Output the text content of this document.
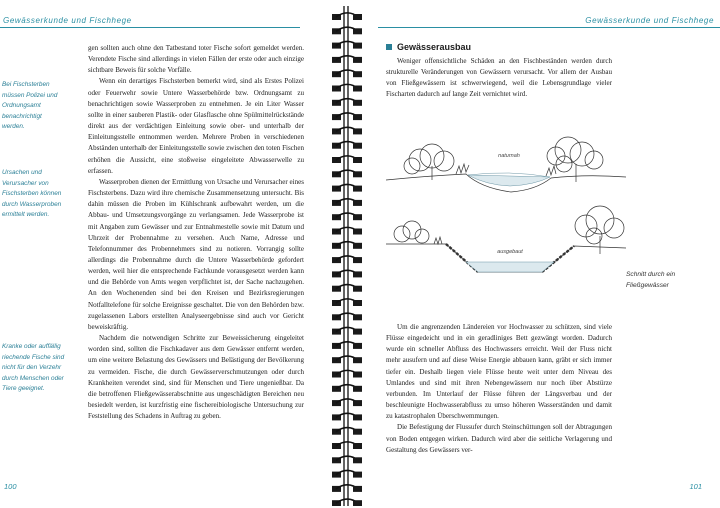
Gewässerkunde und Fischhege
Bei Fischsterben
müssen Polizei und
Ordnungsamt
benachrichtigt
werden.
Ursachen und
Verursacher von
Fischsterben können
durch Wasserproben
ermittelt werden.
Kranke oder auffällig
riechende Fische sind
nicht für den Verzehr
durch Menschen oder
Tiere geeignet.

gen sollten auch ohne den Tatbestand toter Fische sofort gemeldet werden. Verendete Fische sind allerdings in vielen Fällen der erste oder auch einzige sichtbare Beweis für solche Vorfälle.

Wenn ein derartiges Fischsterben bemerkt wird, sind als Erstes Polizei oder Feuerwehr sowie Untere Wasserbehörde bzw. Ordnungsamt zu benachrichtigen sowie Wasserproben zu entnehmen. Je ein Liter Wasser sollte in einer sauberen Plastik- oder Glasflasche ohne Spülmittelrückstände direkt aus der verdächtigen Einleitung sowie ober- und unterhalb der Einleitungsstelle entnommen werden. Mehrere Proben in verschiedenen Abständen unterhalb der Einleitungsstelle sowie zwischen den toten Fischen erhöhen die Aussicht, eine stoßweise eingeleitete Abwasserwelle zu erfassen.

Wasserproben dienen der Ermittlung von Ursache und Verursacher eines Fischsterbens. Dazu wird ihre chemische Zusammensetzung untersucht. Bis dahin müssen die Proben im Kühlschrank aufbewahrt werden, um die Abbau- und Umsetzungsvorgänge zu verlangsamen. Jede Wasserprobe ist mit Angaben zum Gewässer und zur Entnahmestelle sowie mit Datum und Uhrzeit der Probennahme zu versehen. Auch Name, Adresse und Telefonnummer des Probennehmers sind zu notieren. Vorrangig sollte allerdings die Probennahme durch die Untere Wasserbehörde gefordert werden, weil hier die entsprechende Fachkunde vorausgesetzt werden kann und die Behörde von Amts wegen verpflichtet ist, der Sache nachzugehen. An den Wochenenden sind bei den Kreisen und Bezirksregierungen Notfalltelefone für solche Ereignisse geschaltet. Die von den Behörden bzw. zugelassenen Labors erstellten Analyseergebnisse sind auch vor Gericht beweiskräftig.

Nachdem die notwendigen Schritte zur Beweissicherung eingeleitet worden sind, sollten die Fischkadaver aus dem Gewässer entfernt werden, um eine weitere Belastung des Gewässers und Belästigung der Bevölkerung zu vermeiden. Fische, die durch Gewässerverschmutzungen oder durch Krankheiten verendet sind, sind für Menschen und Tiere ungenießbar. Da die betroffenen Fließgewässerabschnitte aus ungeschädigten Bereichen neu besiedelt werden, ist kurzfristig eine fischereibiologische Untersuchung zur Feststellung des Schadens in Auftrag zu geben.

100
Gewässerkunde und Fischhege
Gewässerausbau

Weniger offensichtliche Schäden an den Fischbeständen werden durch strukturelle Veränderungen von Gewässern verursacht. Vor allem der Ausbau von Fließgewässern ist schwerwiegend, weil die Lebensgrundlage vieler Fischarten dadurch auf lange Zeit vernichtet wird.

naturnah
ausgebaut
Schnitt durch ein
Fließgewässer

Um die angrenzenden Ländereien vor Hochwasser zu schützen, sind viele Flüsse eingedeicht und in ein geradliniges Bett gezwängt worden. Dadurch wurde ein schneller Abfluss des Hochwassers erreicht. Weil der Fluss nicht mehr ausufern und auf diese Weise Energie abbauen kann, gräbt er sich immer tiefer ein. Deshalb liegen viele Flüsse heute weit unter dem Niveau des Umlandes und sind mit ihren Nebengewässern nur noch über Abstürze verbunden. Im Unterlauf der Flüsse führen der Längsverbau und der beschleunigte Hochwasserabfluss zu umso höheren Wasserständen und damit zu katastrophalen Überschwemmungen.

Die Befestigung der Flussufer durch Steinschüttungen soll der Abtragungen von Boden entgegen wirken. Dadurch wird aber die seitliche Verlagerung und Gestaltung des Gewässers ver-

101
